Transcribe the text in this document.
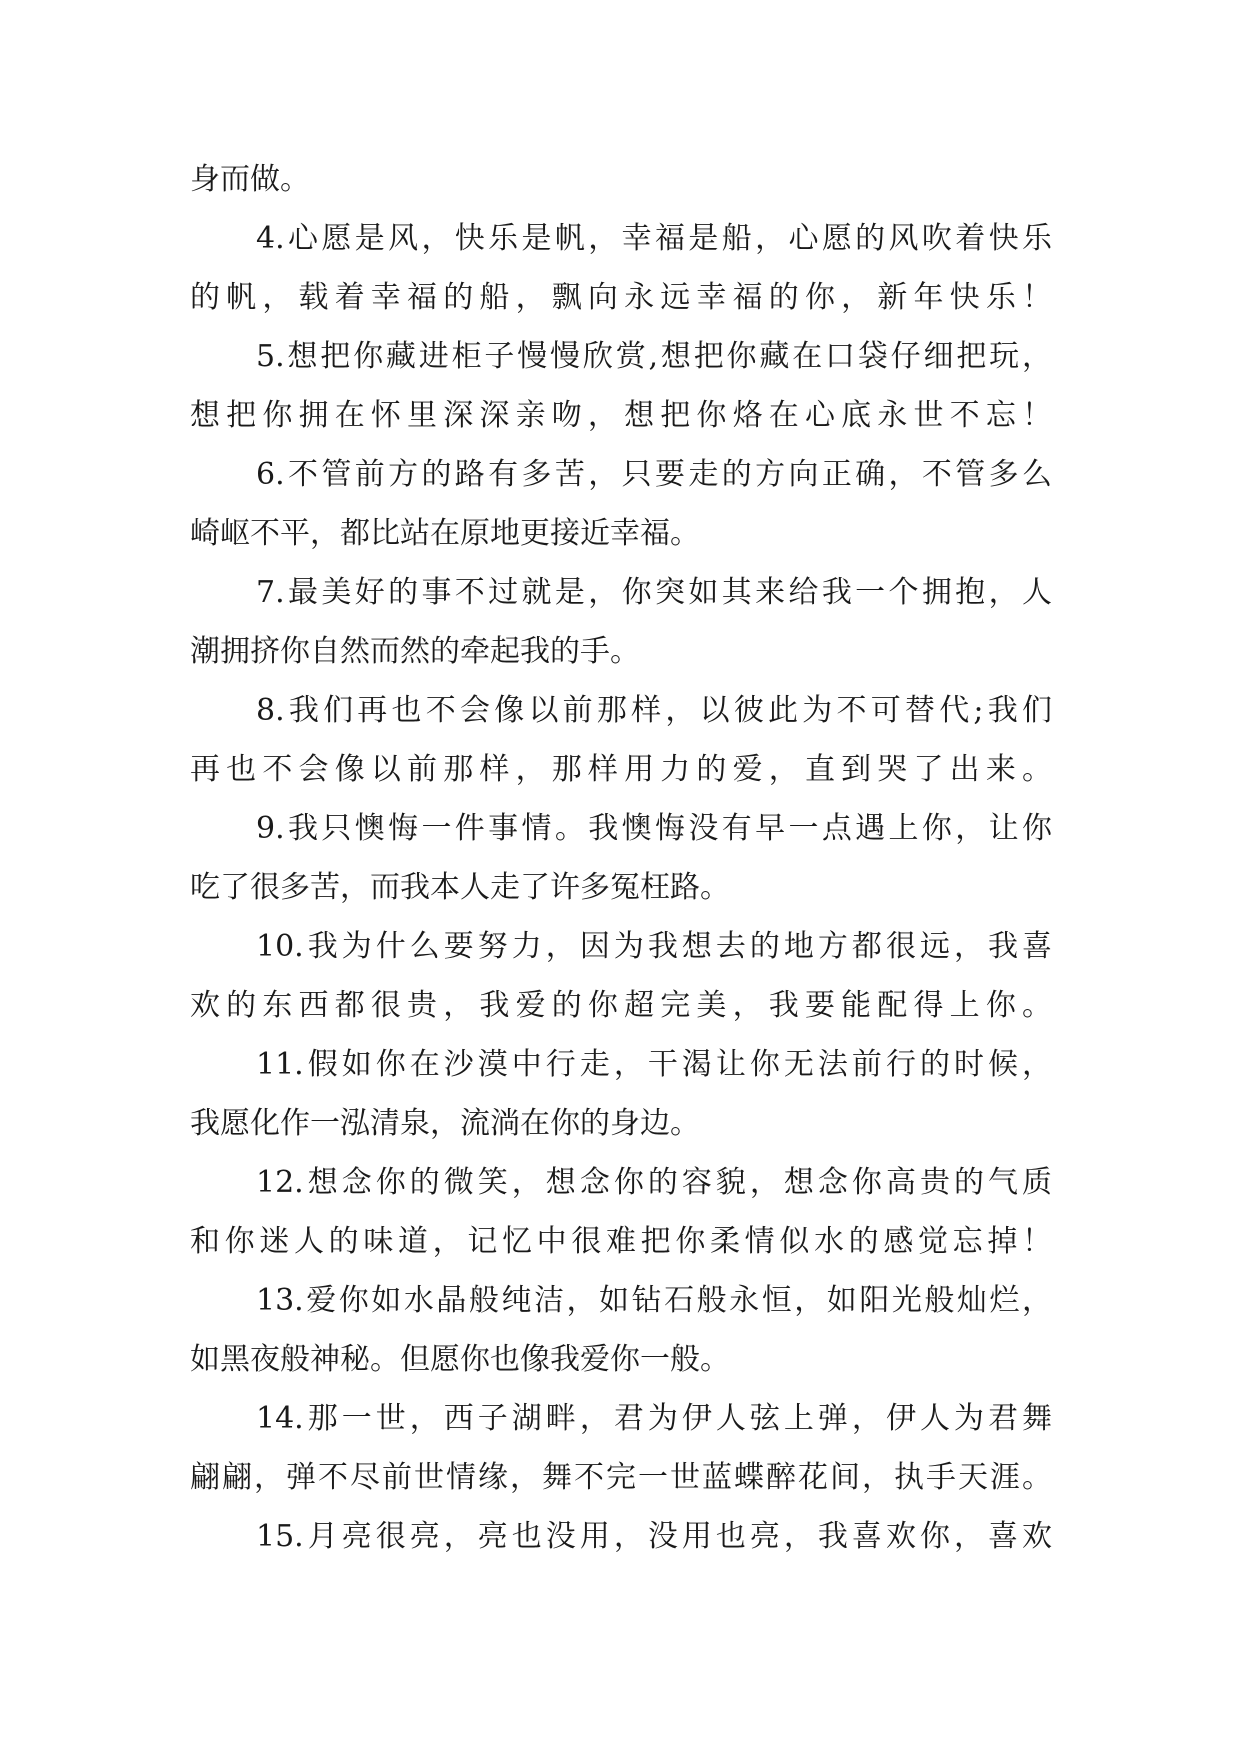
身而做。
4.心愿是风，快乐是帆，幸福是船，心愿的风吹着快乐
的帆，载着幸福的船，飘向永远幸福的你，新年快乐！
5.想把你藏进柜子慢慢欣赏,想把你藏在口袋仔细把玩，
想把你拥在怀里深深亲吻，想把你烙在心底永世不忘！
6.不管前方的路有多苦，只要走的方向正确，不管多么
崎岖不平，都比站在原地更接近幸福。
7.最美好的事不过就是，你突如其来给我一个拥抱，人
潮拥挤你自然而然的牵起我的手。
8.我们再也不会像以前那样，以彼此为不可替代;我们
再也不会像以前那样，那样用力的爱，直到哭了出来。
9.我只懊悔一件事情。我懊悔没有早一点遇上你，让你
吃了很多苦，而我本人走了许多冤枉路。
10.我为什么要努力，因为我想去的地方都很远，我喜
欢的东西都很贵，我爱的你超完美，我要能配得上你。
11.假如你在沙漠中行走，干渴让你无法前行的时候，
我愿化作一泓清泉，流淌在你的身边。
12.想念你的微笑，想念你的容貌，想念你高贵的气质
和你迷人的味道，记忆中很难把你柔情似水的感觉忘掉！
13.爱你如水晶般纯洁，如钻石般永恒，如阳光般灿烂，
如黑夜般神秘。但愿你也像我爱你一般。
14.那一世，西子湖畔，君为伊人弦上弹，伊人为君舞
翩翩，弹不尽前世情缘，舞不完一世蓝蝶醉花间，执手天涯。
15.月亮很亮，亮也没用，没用也亮，我喜欢你，喜欢
